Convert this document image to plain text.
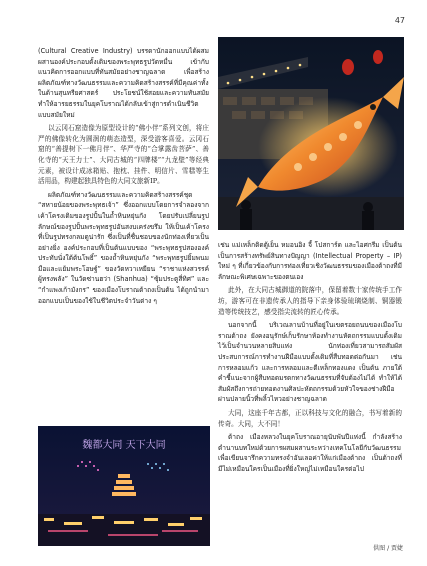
47

(Cultural Creative Industry) บรรดานักออกแบบได้ผสมผสานองค์ประกอบดั้งเดิมของพระพุทธรูปวัดหมื่น เข้ากับแนวคิดการออกแบบที่ทันสมัยอย่างชาญฉลาด เพื่อสร้างผลิตภัณฑ์ทางวัฒนธรรมและความคิดสร้างสรรค์ที่มีคุณค่าทั้งในด้านสุนทรียศาสตร์ ประโยชน์ใช้สอยและความทันสมัย ทำให้อารยธรรมในยุคโบราณได้กลับเข้าสู่การดำเนินชีวิตแบบสมัยใหม่

以云冈石窟造像为原型设计的“佛小伴”系列文创，将庄严的佛像转化为圆润的萌态造型，深受游客喜爱。云冈石窟的“善提树下一佛月伴”、华严寺的“合掌露齿菩萨”、善化寺的“天王力士”、大同古城的“四牌楼”“九龙壁”等经典元素，被设计成冰箱贴、抱枕、挂件、明信片、雪糕等生活用品，构建起独具特色的大同文旅新IP。

ผลิตภัณฑ์ทางวัฒนธรรมและความคิดสร้างสรรค์ชุด “สหายน้อยของพระพุทธเจ้า” ซึ่งออกแบบโดยการจำลองจากเค้าโครงเดิมของรูปปั้นในถ้ำหินหยุ่นกัง โดยปรับเปลี่ยนรูปลักษณ์ของรูปปั้นพระพุทธรูปอันสงบเคร่งขรึม ให้เป็นเค้าโครงที่เป็นรูปทรงกลมดูน่ารัก ซึ่งเป็นที่ชื่นชอบของนักท่องเที่ยวเป็นอย่างยิ่ง องค์ประกอบที่เป็นต้นแบบของ “พระพุทธรูปสององค์ประทับนั่งใต้ต้นโพธิ์” ของถ้ำหินหยุ่นกัง “พระพุทธรูปยิ้มพนมมือและแย้มพระโอษฐ์” ของวัดหวาเหยียน “ราชาแห่งสวรรค์ผู้ทรงพลัง” ในวัดซ่านฮว่า (Shanhua) “ซุ้มประตูสี่ทิศ” และ “กำแพงเก้ามังกร” ของเมืองโบราณต้าถงเป็นต้น ได้ถูกนำมาออกแบบเป็นของใช้ในชีวิตประจำวันต่าง ๆ

เช่น แม่เหล็กติดตู้เย็น หมอนอิง จี้ โปสการ์ด และไอศกรีม เป็นต้น เป็นการสร้างทรัพย์สินทางปัญญา (Intellectual Property – IP) ใหม่ ๆ ที่เกี่ยวข้องกับการท่องเที่ยวเชิงวัฒนธรรมของเมืองต้าถงที่มีลักษณะพิเศษเฉพาะของตนเอง

此外，在大同古城御道的院落中，保留着数十家传统手工作坊，游客可在非遗传承人的指导下亲身体验琉璃烧制、铜器锻造等传统技艺，感受指尖流转的匠心传承。

นอกจากนี้ บริเวณลานบ้านที่อยู่ในเขตรอยถนนของเมืองโบราณต้าถง ยังคงอนุรักษ์เก็บรักษาห้องทำงานหัตถกรรมแบบดั้งเดิมไว้เป็นจำนวนหลายสิบแห่ง นักท่องเที่ยวสามารถสัมผัสประสบการณ์การทำงานฝีมือแบบดั้งเดิมที่สืบทอดต่อกันมา เช่น การหลอมแก้ว และการหลอมและตีเหล็กทองแดง เป็นต้น ภายใต้คำชี้แนะจากผู้สืบทอดมรดกทางวัฒนธรรมที่จับต้องไม่ได้ ทำให้ได้สัมผัสถึงการถ่ายทอดงานศิลปะหัตถกรรมด้วยหัวใจของช่างฝีมือผ่านปลายนิ้วที่พลิ้วไหวอย่างชาญฉลาด

大同，这座千年古都，正以科技与文化的融合，书写着新的传奇。大同，大不同！

ต้าถง เมืองหลวงในยุคโบราณอายุนับพันปีแห่งนี้ กำลังสร้างตำนานบทใหม่ด้วยการผสมผสานระหว่างเทคโนโลยีกับวัฒนธรรม เพื่อเขียนจารึกความทรงจำอันเลอค่าให้แก่เมืองต้าถง เป็นต้าถงที่มีไม่เหมือนใครเป็นเมืองที่ยิ่งใหญ่ไม่เหมือนใครต่อไป

魏都大同 天下大同
供图 / 贾婕
